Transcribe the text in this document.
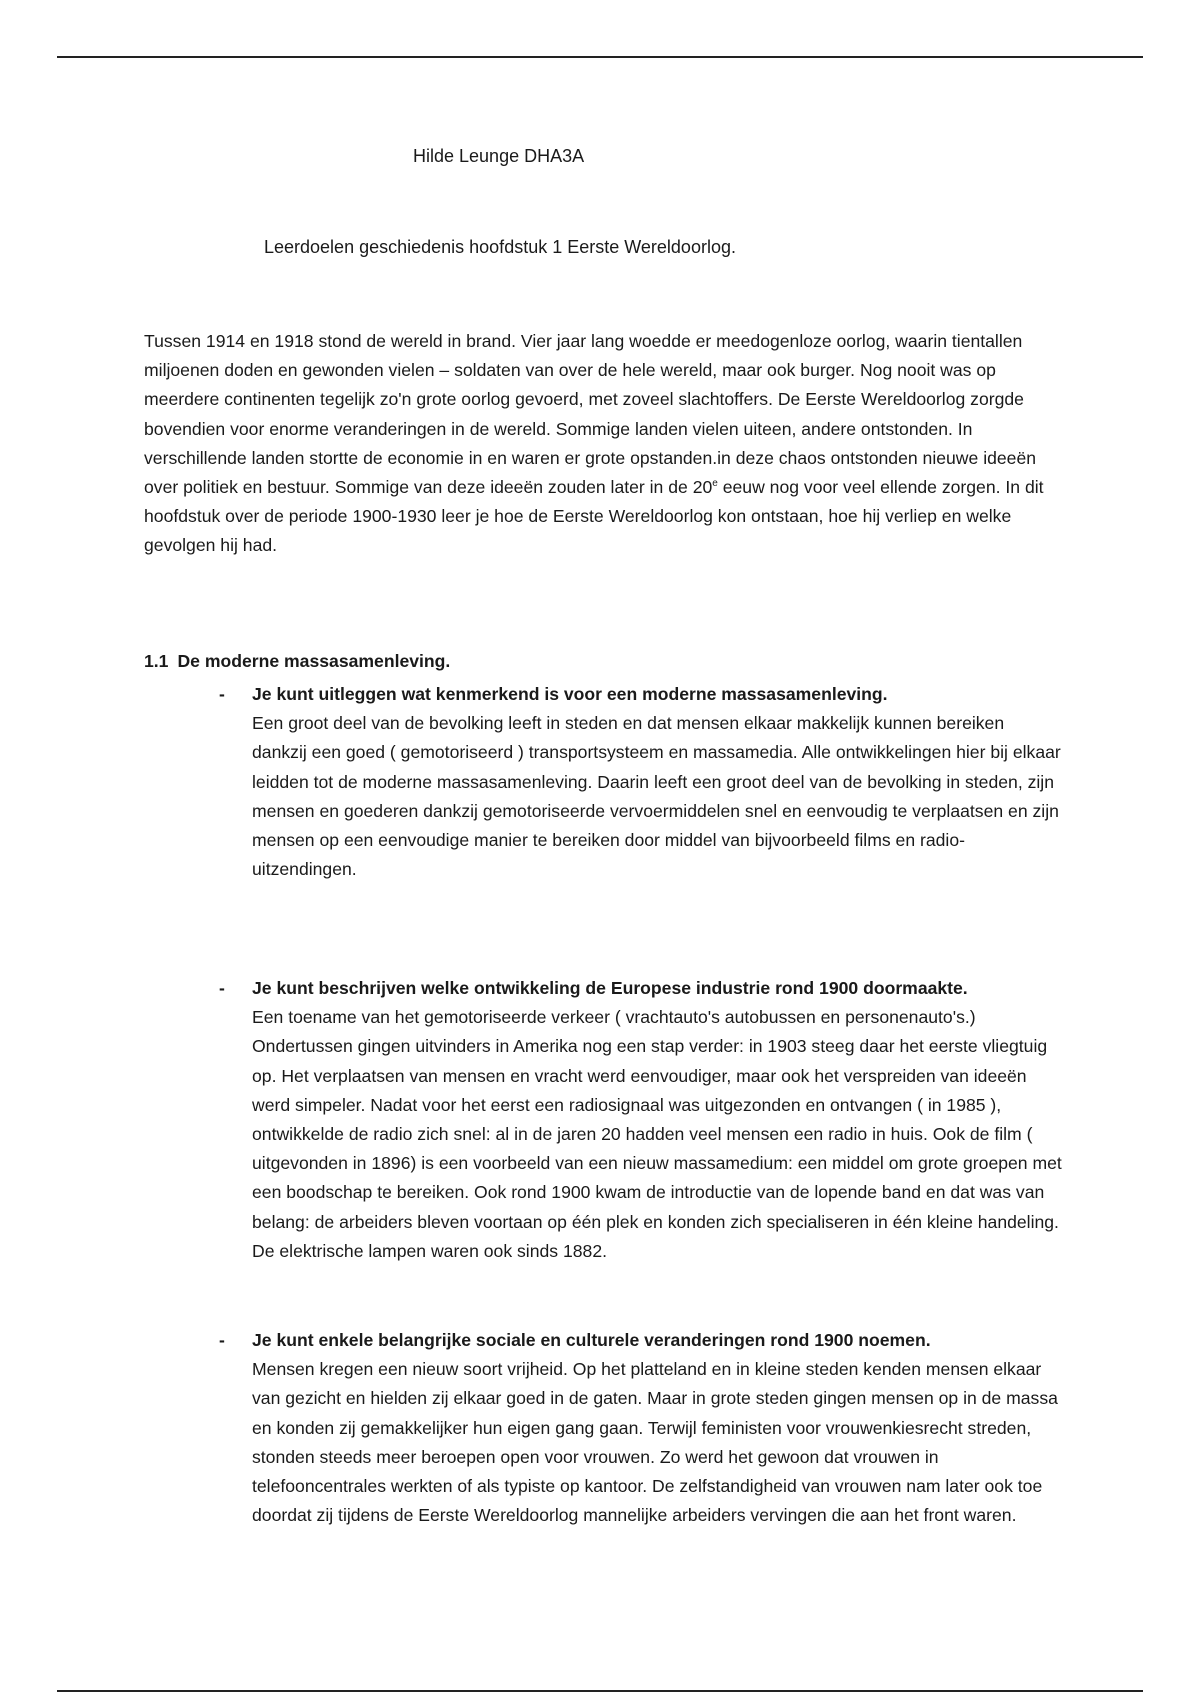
Hilde Leunge DHA3A
Leerdoelen geschiedenis hoofdstuk 1 Eerste Wereldoorlog.

Tussen 1914 en 1918 stond de wereld in brand. Vier jaar lang woedde er meedogenloze oorlog, waarin tientallen miljoenen doden en gewonden vielen – soldaten van over de hele wereld, maar ook burger. Nog nooit was op meerdere continenten tegelijk zo'n grote oorlog gevoerd, met zoveel slachtoffers. De Eerste Wereldoorlog zorgde bovendien voor enorme veranderingen in de wereld. Sommige landen vielen uiteen, andere ontstonden. In verschillende landen stortte de economie in en waren er grote opstanden.in deze chaos ontstonden nieuwe ideeën over politiek en bestuur. Sommige van deze ideeën zouden later in de 20e eeuw nog voor veel ellende zorgen. In dit hoofdstuk over de periode 1900-1930 leer je hoe de Eerste Wereldoorlog kon ontstaan, hoe hij verliep en welke gevolgen hij had.

1.1 De moderne massasamenleving.
- Je kunt uitleggen wat kenmerkend is voor een moderne massasamenleving.

Een groot deel van de bevolking leeft in steden en dat mensen elkaar makkelijk kunnen bereiken dankzij een goed ( gemotoriseerd ) transportsysteem en massamedia. Alle ontwikkelingen hier bij elkaar leidden tot de moderne massasamenleving. Daarin leeft een groot deel van de bevolking in steden, zijn mensen en goederen dankzij gemotoriseerde vervoermiddelen snel en eenvoudig te verplaatsen en zijn mensen op een eenvoudige manier te bereiken door middel van bijvoorbeeld films en radio-uitzendingen.

- Je kunt beschrijven welke ontwikkeling de Europese industrie rond 1900 doormaakte.

Een toename van het gemotoriseerde verkeer ( vrachtauto's autobussen en personenauto's.) Ondertussen gingen uitvinders in Amerika nog een stap verder: in 1903 steeg daar het eerste vliegtuig op. Het verplaatsen van mensen en vracht werd eenvoudiger, maar ook het verspreiden van ideeën werd simpeler. Nadat voor het eerst een radiosignaal was uitgezonden en ontvangen ( in 1985 ), ontwikkelde de radio zich snel: al in de jaren 20 hadden veel mensen een radio in huis. Ook de film ( uitgevonden in 1896) is een voorbeeld van een nieuw massamedium: een middel om grote groepen met een boodschap te bereiken. Ook rond 1900 kwam de introductie van de lopende band en dat was van belang: de arbeiders bleven voortaan op één plek en konden zich specialiseren in één kleine handeling. De elektrische lampen waren ook sinds 1882.

- Je kunt enkele belangrijke sociale en culturele veranderingen rond 1900 noemen.

Mensen kregen een nieuw soort vrijheid. Op het platteland en in kleine steden kenden mensen elkaar van gezicht en hielden zij elkaar goed in de gaten. Maar in grote steden gingen mensen op in de massa en konden zij gemakkelijker hun eigen gang gaan. Terwijl feministen voor vrouwenkiesrecht streden, stonden steeds meer beroepen open voor vrouwen. Zo werd het gewoon dat vrouwen in telefooncentrales werkten of als typiste op kantoor. De zelfstandigheid van vrouwen nam later ook toe doordat zij tijdens de Eerste Wereldoorlog mannelijke arbeiders vervingen die aan het front waren.
